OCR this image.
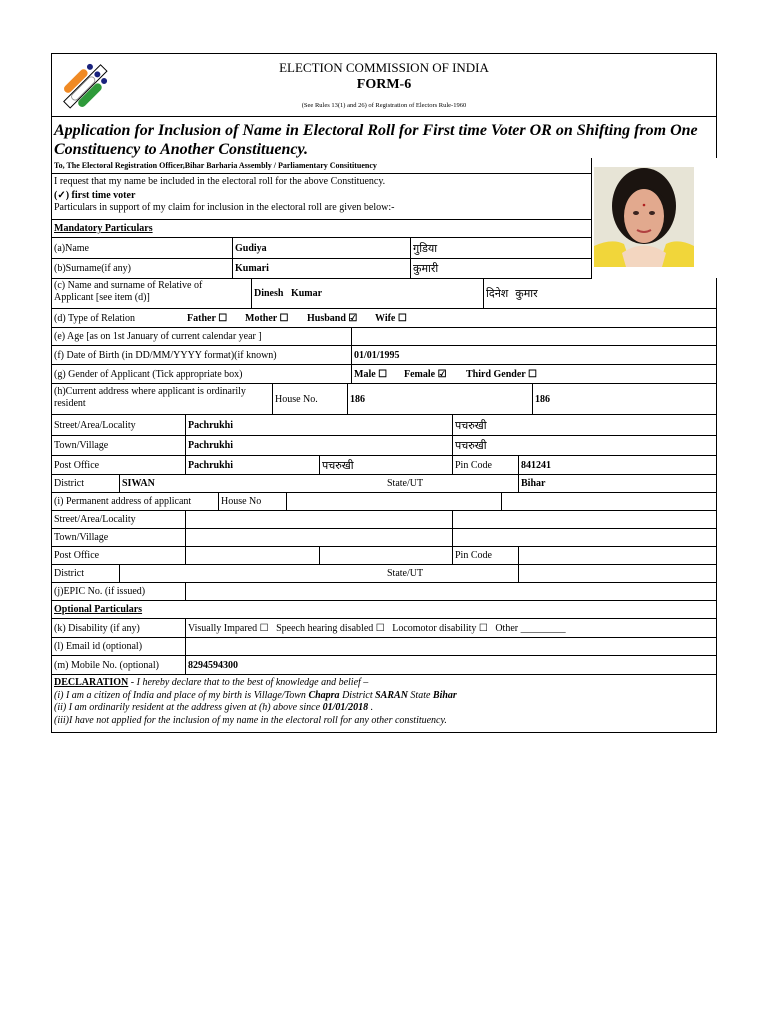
ELECTION COMMISSION OF INDIA
FORM-6
(See Rules 13(1) and 26) of Registration of Electors Rule-1960
Application for Inclusion of Name in Electoral Roll for First time Voter OR on Shifting from One Constituency to Another Constituency.
To, The Electoral Registration Officer,Bihar Barharia Assembly / Parliamentary Consitituency
I request that my name be included in the electoral roll for the above Constituency.
(✓) first time voter
Particulars in support of my claim for inclusion in the electoral roll are given below:-
Mandatory Particulars
(a)Name	Gudiya	गुडिया
(b)Surname(if any)	Kumari	कुमारी
(c) Name and surname of Relative of
Applicant [see item (d)]	Dinesh   Kumar	दिनेश  कुमार
(d) Type of Relation	Father ☐	Mother ☐	Husband ☑	Wife ☐
(e) Age [as on 1st January of current calendar year ]
(f) Date of Birth (in DD/MM/YYYY format)(if known)	01/01/1995
(g) Gender of Applicant (Tick appropriate box)	Male ☐	Female ☑	Third Gender ☐
(h)Current address where applicant is ordinarily
resident	House No.	186	186
Street/Area/Locality	Pachrukhi	पचरुखी
Town/Village	Pachrukhi	पचरुखी
Post Office	Pachrukhi	पचरुखी	Pin Code	841241
District	SIWAN	State/UT	Bihar
(i) Permanent address of applicant	House No
Street/Area/Locality
Town/Village
Post Office	Pin Code
District	State/UT
(j)EPIC No. (if issued)
Optional Particulars
(k) Disability (if any)	Visually Impared ☐   Speech hearing disabled ☐   Locomotor disability ☐   Other _________
(l) Email id (optional)
(m) Mobile No. (optional)	8294594300
DECLARATION - I hereby declare that to the best of knowledge and belief –
(i) I am a citizen of India and place of my birth is Village/Town Chapra District SARAN State Bihar
(ii) I am ordinarily resident at the address given at (h) above since 01/01/2018 .
(iii)I have not applied for the inclusion of my name in the electoral roll for any other constituency.
